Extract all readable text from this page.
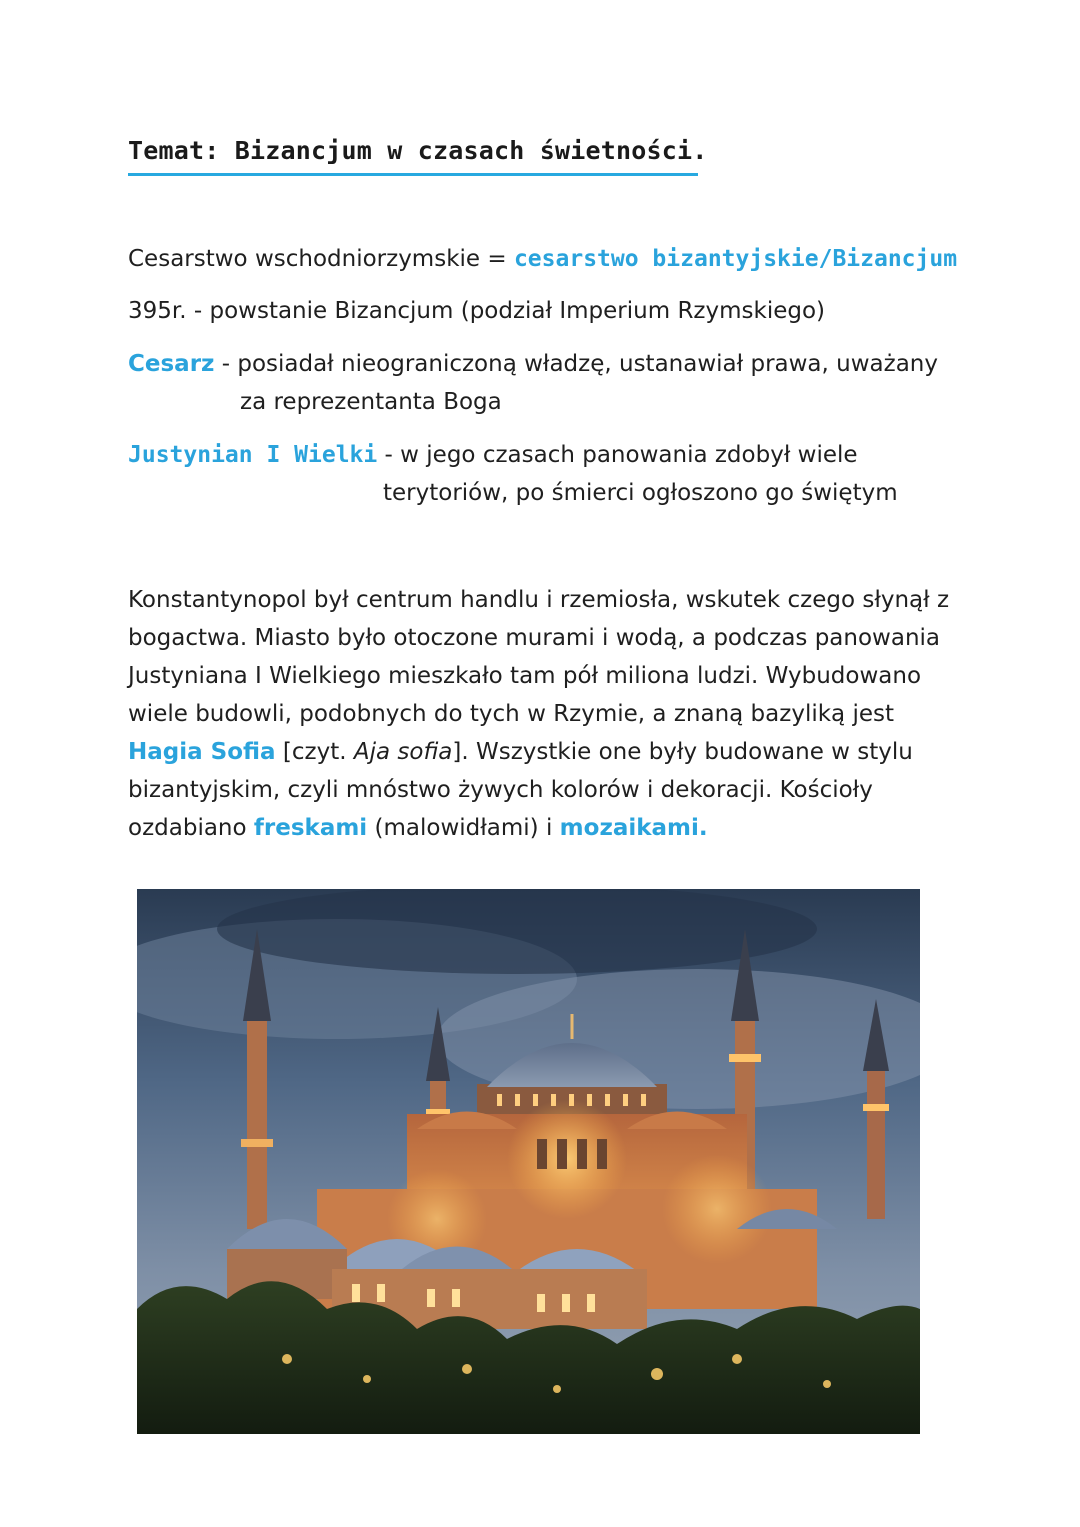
Temat: Bizancjum w czasach świetności.
Cesarstwo wschodniorzymskie = cesarstwo bizantyjskie/Bizancjum
395r. - powstanie Bizancjum (podział Imperium Rzymskiego)
Cesarz - posiadał nieograniczoną władzę, ustanawiał prawa, uważany
za reprezentanta Boga
Justynian I Wielki - w jego czasach panowania zdobył wiele
terytoriów, po śmierci ogłoszono go świętym
Konstantynopol był centrum handlu i rzemiosła, wskutek czego słynął z bogactwa. Miasto było otoczone murami i wodą, a podczas panowania Justyniana I Wielkiego mieszkało tam pół miliona ludzi. Wybudowano wiele budowli, podobnych do tych w Rzymie, a znaną bazyliką jest Hagia Sofia [czyt. Aja sofia]. Wszystkie one były budowane w stylu bizantyjskim, czyli mnóstwo żywych kolorów i dekoracji. Kościoły ozdabiano freskami (malowidłami) i mozaikami.
